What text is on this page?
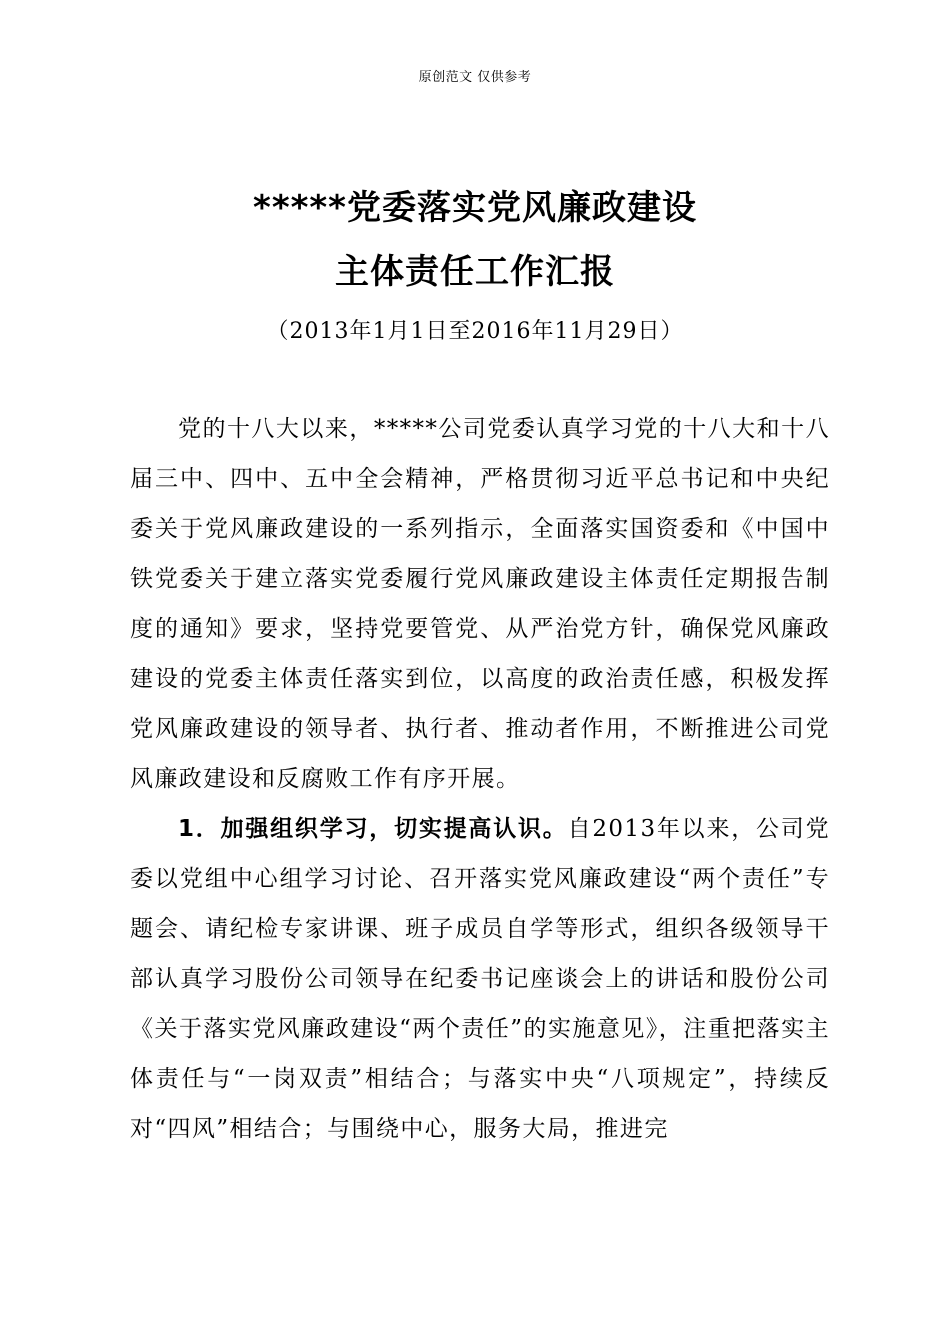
原创范文 仅供参考
*****党委落实党风廉政建设
主体责任工作汇报
（2013年1月1日至2016年11月29日）

党的十八大以来，*****公司党委认真学习党的十八大和十八届三中、四中、五中全会精神，严格贯彻习近平总书记和中央纪委关于党风廉政建设的一系列指示，全面落实国资委和《中国中铁党委关于建立落实党委履行党风廉政建设主体责任定期报告制度的通知》要求，坚持党要管党、从严治党方针，确保党风廉政建设的党委主体责任落实到位，以高度的政治责任感，积极发挥党风廉政建设的领导者、执行者、推动者作用，不断推进公司党风廉政建设和反腐败工作有序开展。

1．加强组织学习，切实提高认识。自2013年以来，公司党委以党组中心组学习讨论、召开落实党风廉政建设“两个责任”专题会、请纪检专家讲课、班子成员自学等形式，组织各级领导干部认真学习股份公司领导在纪委书记座谈会上的讲话和股份公司《关于落实党风廉政建设“两个责任”的实施意见》，注重把落实主体责任与“一岗双责”相结合；与落实中央“八项规定”，持续反对“四风”相结合；与围绕中心，服务大局，推进完
